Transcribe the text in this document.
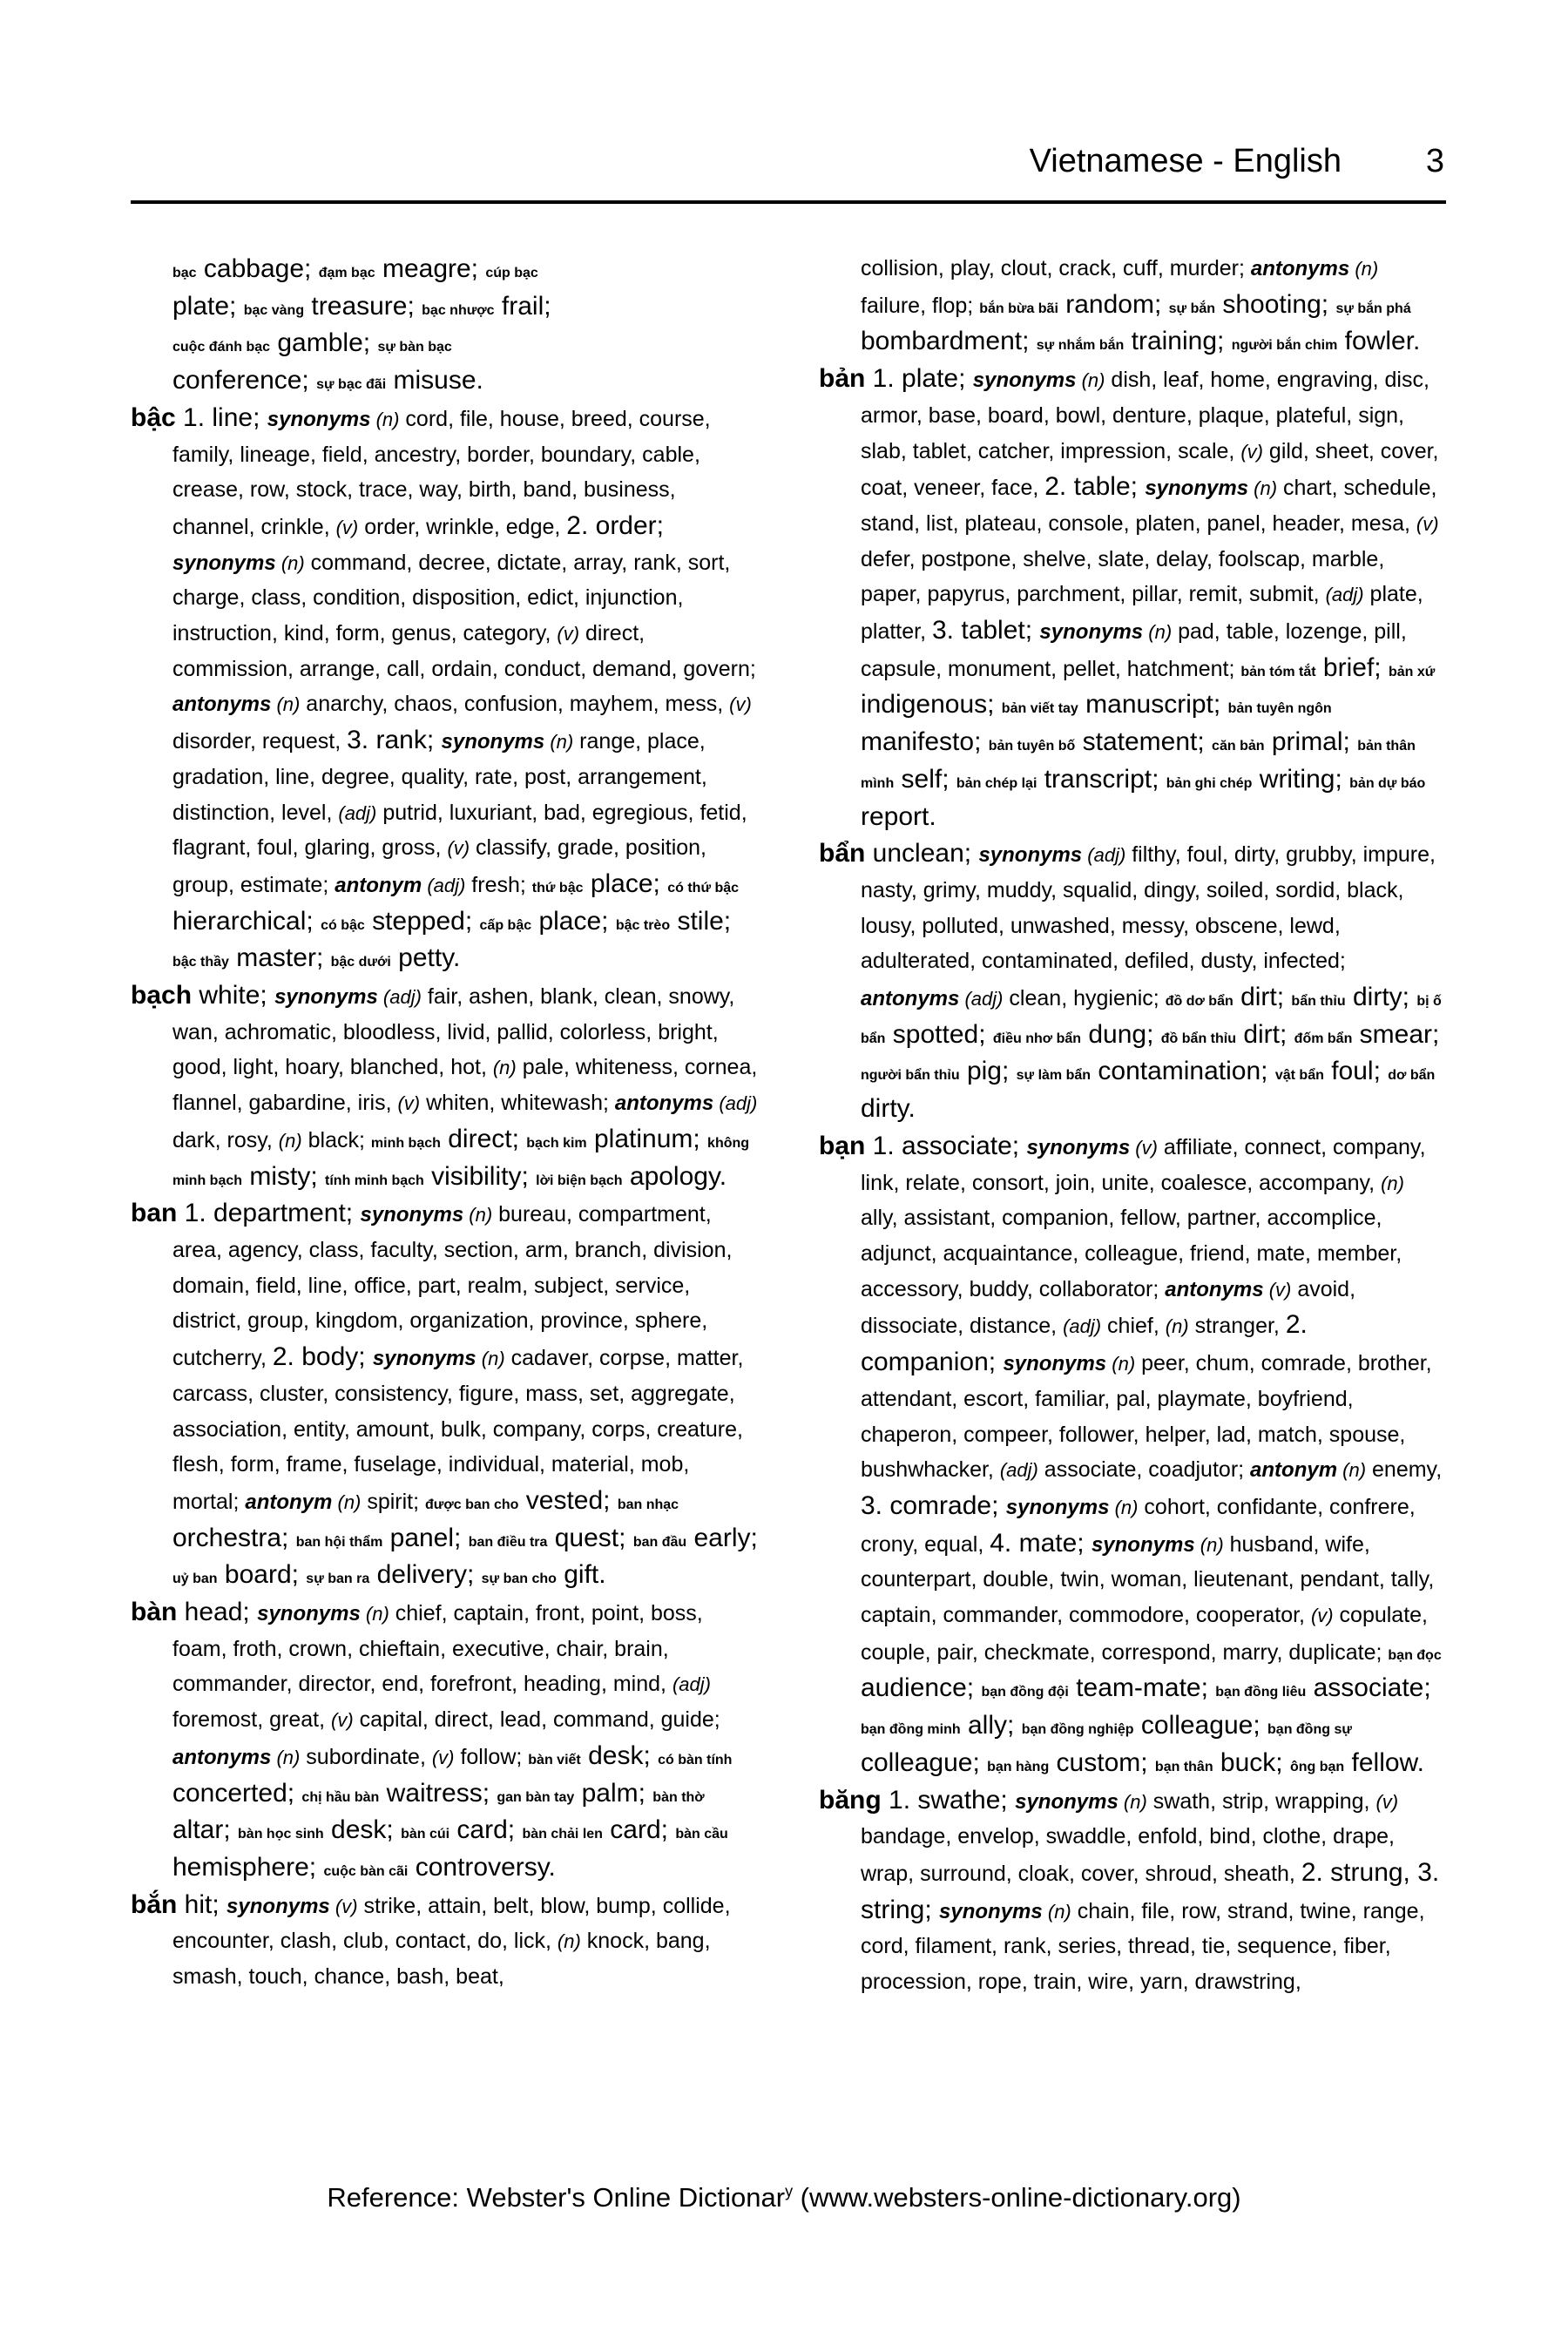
Vietnamese - English	3
bạc cabbage; đạm bạc meagre; cúp bạc
plate; bạc vàng treasure; bạc nhược frail;
cuộc đánh bạc gamble; sự bàn bạc
conference; sự bạc đãi misuse.
bậc 1. line; synonyms (n) cord, file, house, breed, course, family, lineage, field, ancestry, border, boundary, cable, crease, row, stock, trace, way, birth, band, business, channel, crinkle, (v) order, wrinkle, edge, 2. order; synonyms (n) command, decree, dictate, array, rank, sort, charge, class, condition, disposition, edict, injunction, instruction, kind, form, genus, category, (v) direct, commission, arrange, call, ordain, conduct, demand, govern; antonyms (n) anarchy, chaos, confusion, mayhem, mess, (v) disorder, request, 3. rank; synonyms (n) range, place, gradation, line, degree, quality, rate, post, arrangement, distinction, level, (adj) putrid, luxuriant, bad, egregious, fetid, flagrant, foul, glaring, gross, (v) classify, grade, position, group, estimate; antonym (adj) fresh; thứ bậc place; có thứ bậc hierarchical; có bậc stepped; cấp bậc place; bậc trèo stile; bậc thầy master; bậc dưới petty.
bạch white; synonyms (adj) fair, ashen, blank, clean, snowy, wan, achromatic, bloodless, livid, pallid, colorless, bright, good, light, hoary, blanched, hot, (n) pale, whiteness, cornea, flannel, gabardine, iris, (v) whiten, whitewash; antonyms (adj) dark, rosy, (n) black; minh bạch direct; bạch kim platinum; không minh bạch misty; tính minh bạch visibility; lời biện bạch apology.
ban 1. department; synonyms (n) bureau, compartment, area, agency, class, faculty, section, arm, branch, division, domain, field, line, office, part, realm, subject, service, district, group, kingdom, organization, province, sphere, cutcherry, 2. body; synonyms (n) cadaver, corpse, matter, carcass, cluster, consistency, figure, mass, set, aggregate, association, entity, amount, bulk, company, corps, creature, flesh, form, frame, fuselage, individual, material, mob, mortal; antonym (n) spirit; được ban cho vested; ban nhạc orchestra; ban hội thẩm panel; ban điều tra quest; ban đầu early; uỷ ban board; sự ban ra delivery; sự ban cho gift.
bàn head; synonyms (n) chief, captain, front, point, boss, foam, froth, crown, chieftain, executive, chair, brain, commander, director, end, forefront, heading, mind, (adj) foremost, great, (v) capital, direct, lead, command, guide; antonyms (n) subordinate, (v) follow; bàn viết desk; có bàn tính concerted; chị hầu bàn waitress; gan bàn tay palm; bàn thờ altar; bàn học sinh desk; bàn cúi card; bàn chải len card; bàn cầu hemisphere; cuộc bàn cãi controversy.
bắn hit; synonyms (v) strike, attain, belt, blow, bump, collide, encounter, clash, club, contact, do, lick, (n) knock, bang, smash, touch, chance, bash, beat,
collision, play, clout, crack, cuff, murder; antonyms (n) failure, flop; bắn bừa bãi random; sự bắn shooting; sự bắn phá bombardment; sự nhắm bắn training; người bắn chim fowler.
bản 1. plate; synonyms (n) dish, leaf, home, engraving, disc, armor, base, board, bowl, denture, plaque, plateful, sign, slab, tablet, catcher, impression, scale, (v) gild, sheet, cover, coat, veneer, face, 2. table; synonyms (n) chart, schedule, stand, list, plateau, console, platen, panel, header, mesa, (v) defer, postpone, shelve, slate, delay, foolscap, marble, paper, papyrus, parchment, pillar, remit, submit, (adj) plate, platter, 3. tablet; synonyms (n) pad, table, lozenge, pill, capsule, monument, pellet, hatchment; bản tóm tắt brief; bản xứ indigenous; bản viết tay manuscript; bản tuyên ngôn manifesto; bản tuyên bố statement; căn bản primal; bản thân mình self; bản chép lại transcript; bản ghi chép writing; bản dự báo report.
bẩn unclean; synonyms (adj) filthy, foul, dirty, grubby, impure, nasty, grimy, muddy, squalid, dingy, soiled, sordid, black, lousy, polluted, unwashed, messy, obscene, lewd, adulterated, contaminated, defiled, dusty, infected; antonyms (adj) clean, hygienic; đồ dơ bẩn dirt; bẩn thỉu dirty; bị ố bẩn spotted; điều nhơ bẩn dung; đồ bẩn thỉu dirt; đốm bẩn smear; người bẩn thỉu pig; sự làm bẩn contamination; vật bẩn foul; dơ bẩn dirty.
bạn 1. associate; synonyms (v) affiliate, connect, company, link, relate, consort, join, unite, coalesce, accompany, (n) ally, assistant, companion, fellow, partner, accomplice, adjunct, acquaintance, colleague, friend, mate, member, accessory, buddy, collaborator; antonyms (v) avoid, dissociate, distance, (adj) chief, (n) stranger, 2. companion; synonyms (n) peer, chum, comrade, brother, attendant, escort, familiar, pal, playmate, boyfriend, chaperon, compeer, follower, helper, lad, match, spouse, bushwhacker, (adj) associate, coadjutor; antonym (n) enemy, 3. comrade; synonyms (n) cohort, confidante, confrere, crony, equal, 4. mate; synonyms (n) husband, wife, counterpart, double, twin, woman, lieutenant, pendant, tally, captain, commander, commodore, cooperator, (v) copulate, couple, pair, checkmate, correspond, marry, duplicate; bạn đọc audience; bạn đồng đội team-mate; bạn đồng liêu associate; bạn đồng minh ally; bạn đồng nghiệp colleague; bạn đồng sự colleague; bạn hàng custom; bạn thân buck; ông bạn fellow.
băng 1. swathe; synonyms (n) swath, strip, wrapping, (v) bandage, envelop, swaddle, enfold, bind, clothe, drape, wrap, surround, cloak, cover, shroud, sheath, 2. strung, 3. string; synonyms (n) chain, file, row, strand, twine, range, cord, filament, rank, series, thread, tie, sequence, fiber, procession, rope, train, wire, yarn, drawstring,
Reference: Webster's Online Dictionar$^y$ (www.websters-online-dictionary.org)
